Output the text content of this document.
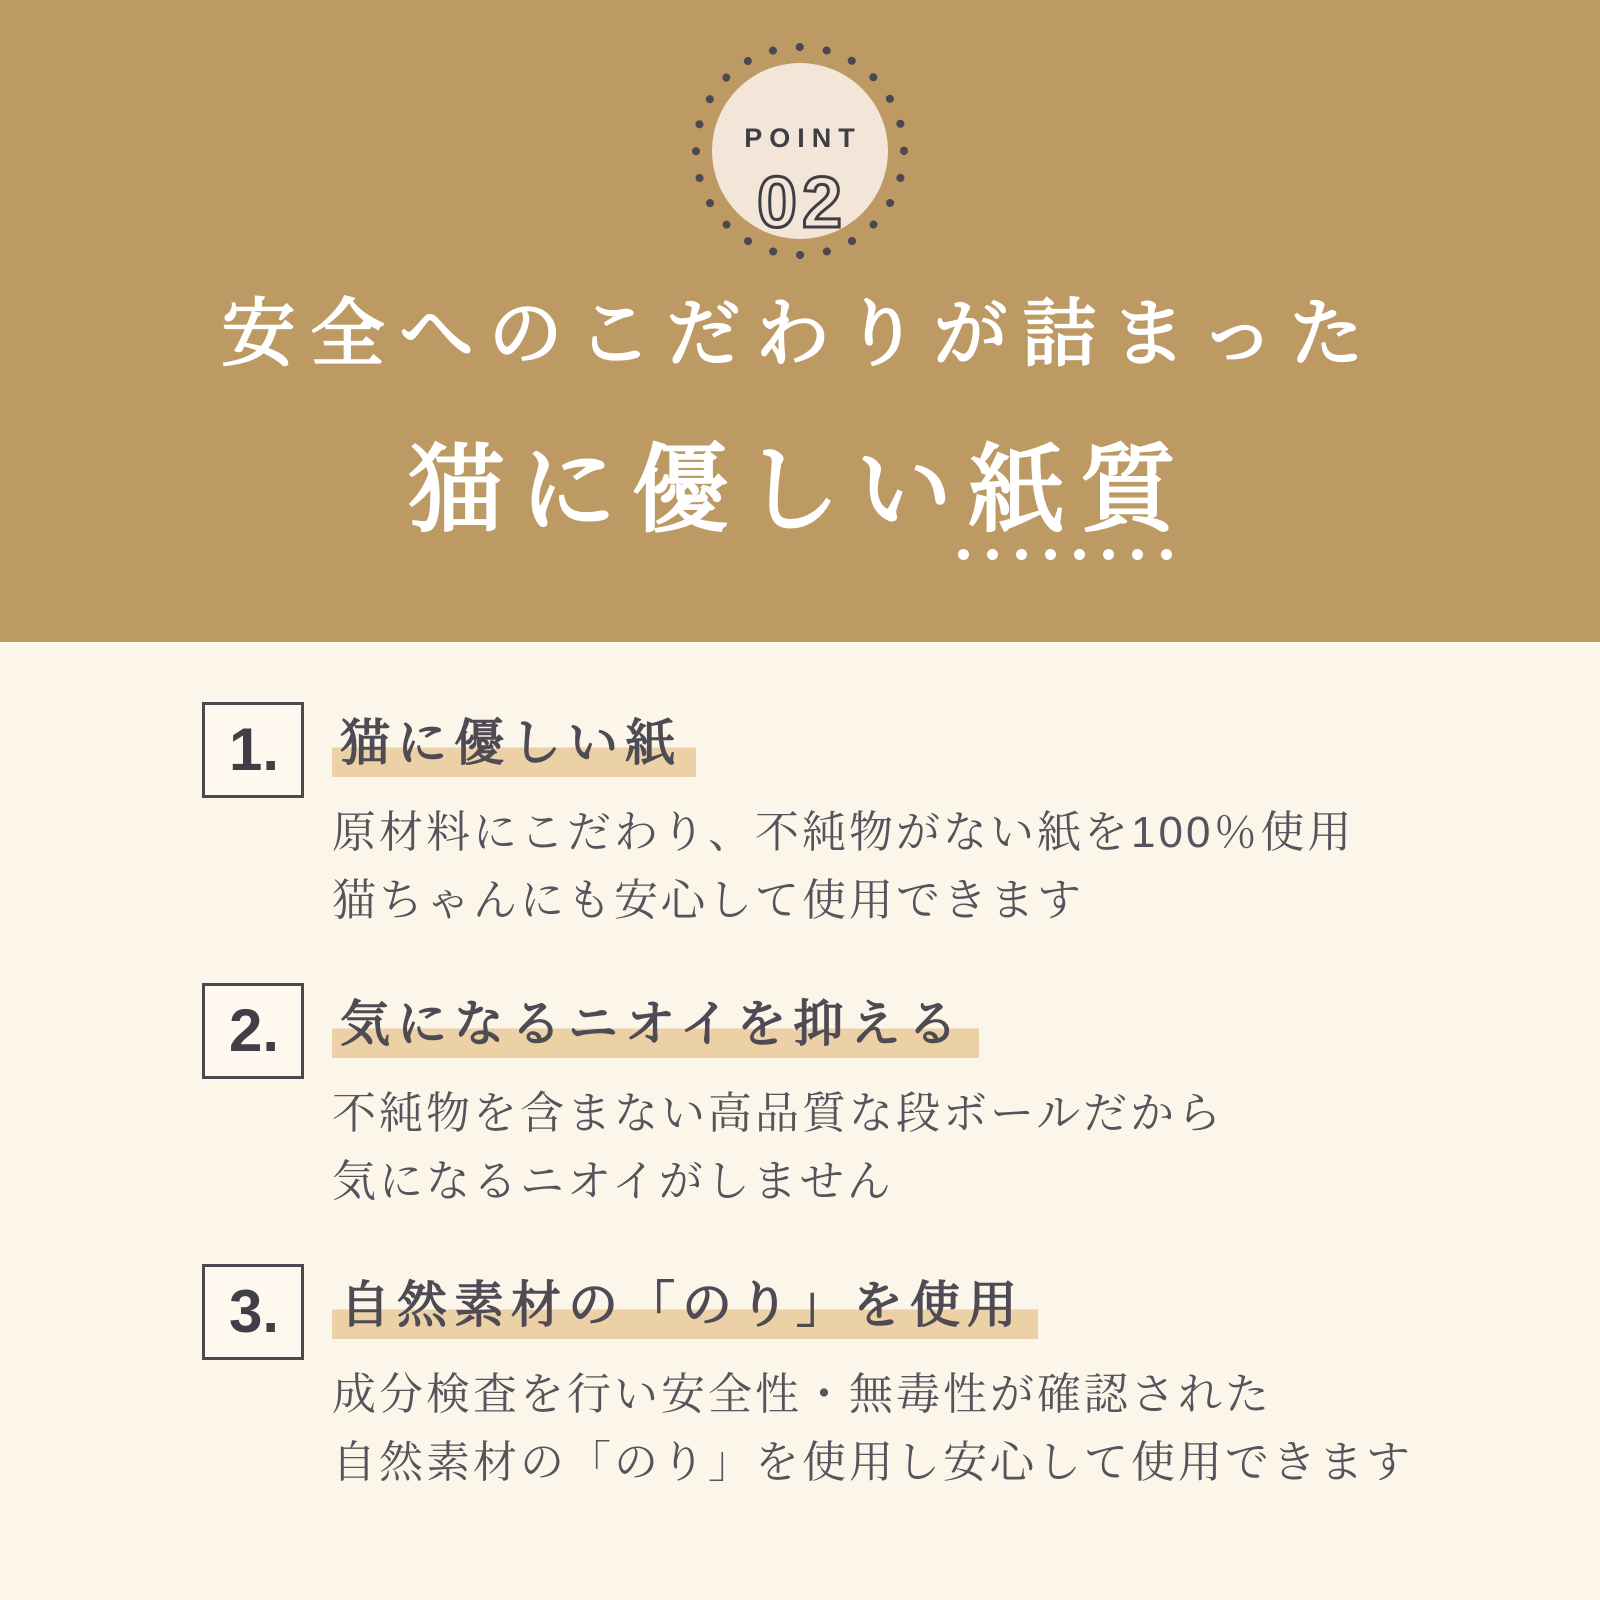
POINT
02
安全へのこだわりが詰まった
猫に優しい紙質
1. 猫に優しい紙

原材料にこだわり、不純物がない紙を100％使用
猫ちゃんにも安心して使用できます

2. 気になるニオイを抑える

不純物を含まない高品質な段ボールだから
気になるニオイがしません

3. 自然素材の「のり」を使用

成分検査を行い安全性・無毒性が確認された
自然素材の「のり」を使用し安心して使用できます
